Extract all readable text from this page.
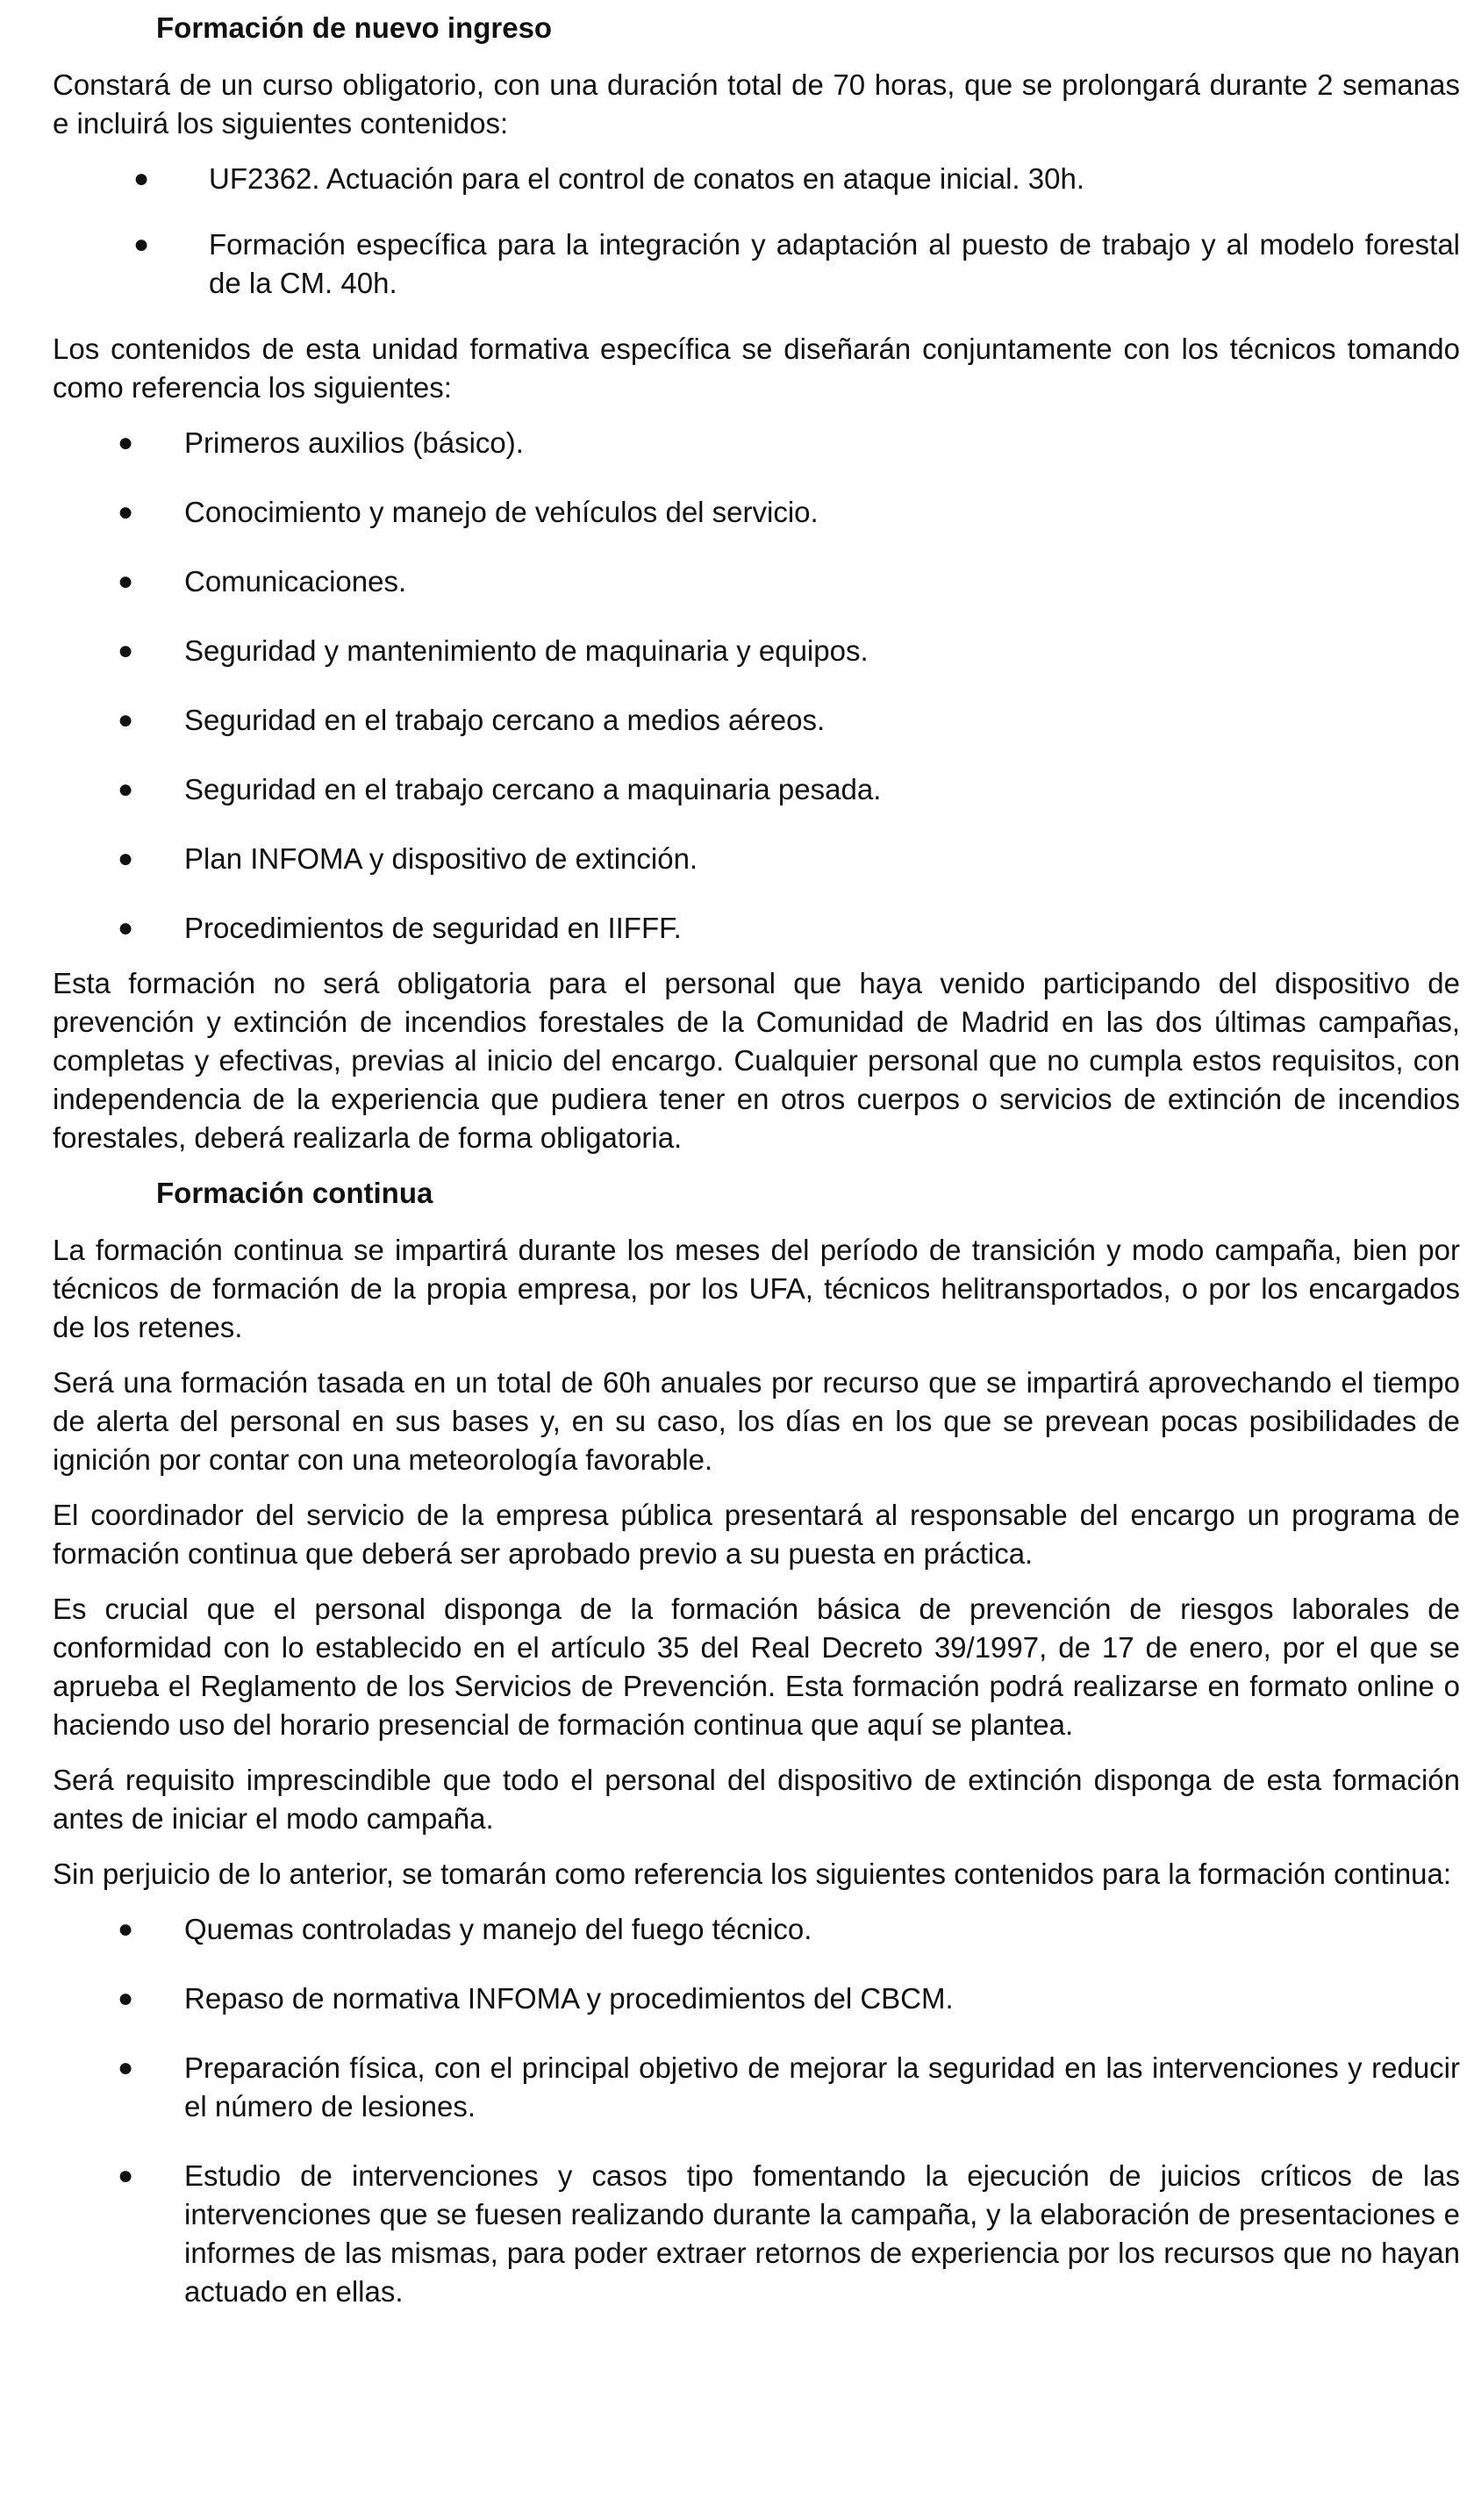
Formación de nuevo ingreso

Constará de un curso obligatorio, con una duración total de 70 horas, que se prolongará durante 2 semanas e incluirá los siguientes contenidos:

● UF2362. Actuación para el control de conatos en ataque inicial. 30h.
● Formación específica para la integración y adaptación al puesto de trabajo y al modelo forestal de la CM. 40h.

Los contenidos de esta unidad formativa específica se diseñarán conjuntamente con los técnicos tomando como referencia los siguientes:

● Primeros auxilios (básico).
● Conocimiento y manejo de vehículos del servicio.
● Comunicaciones.
● Seguridad y mantenimiento de maquinaria y equipos.
● Seguridad en el trabajo cercano a medios aéreos.
● Seguridad en el trabajo cercano a maquinaria pesada.
● Plan INFOMA y dispositivo de extinción.
● Procedimientos de seguridad en IIFFF.

Esta formación no será obligatoria para el personal que haya venido participando del dispositivo de prevención y extinción de incendios forestales de la Comunidad de Madrid en las dos últimas campañas, completas y efectivas, previas al inicio del encargo. Cualquier personal que no cumpla estos requisitos, con independencia de la experiencia que pudiera tener en otros cuerpos o servicios de extinción de incendios forestales, deberá realizarla de forma obligatoria.

Formación continua

La formación continua se impartirá durante los meses del período de transición y modo campaña, bien por técnicos de formación de la propia empresa, por los UFA, técnicos helitransportados, o por los encargados de los retenes.

Será una formación tasada en un total de 60h anuales por recurso que se impartirá aprovechando el tiempo de alerta del personal en sus bases y, en su caso, los días en los que se prevean pocas posibilidades de ignición por contar con una meteorología favorable.

El coordinador del servicio de la empresa pública presentará al responsable del encargo un programa de formación continua que deberá ser aprobado previo a su puesta en práctica.

Es crucial que el personal disponga de la formación básica de prevención de riesgos laborales de conformidad con lo establecido en el artículo 35 del Real Decreto 39/1997, de 17 de enero, por el que se aprueba el Reglamento de los Servicios de Prevención. Esta formación podrá realizarse en formato online o haciendo uso del horario presencial de formación continua que aquí se plantea.

Será requisito imprescindible que todo el personal del dispositivo de extinción disponga de esta formación antes de iniciar el modo campaña.

Sin perjuicio de lo anterior, se tomarán como referencia los siguientes contenidos para la formación continua:

● Quemas controladas y manejo del fuego técnico.
● Repaso de normativa INFOMA y procedimientos del CBCM.
● Preparación física, con el principal objetivo de mejorar la seguridad en las intervenciones y reducir el número de lesiones.
● Estudio de intervenciones y casos tipo fomentando la ejecución de juicios críticos de las intervenciones que se fuesen realizando durante la campaña, y la elaboración de presentaciones e informes de las mismas, para poder extraer retornos de experiencia por los recursos que no hayan actuado en ellas.
